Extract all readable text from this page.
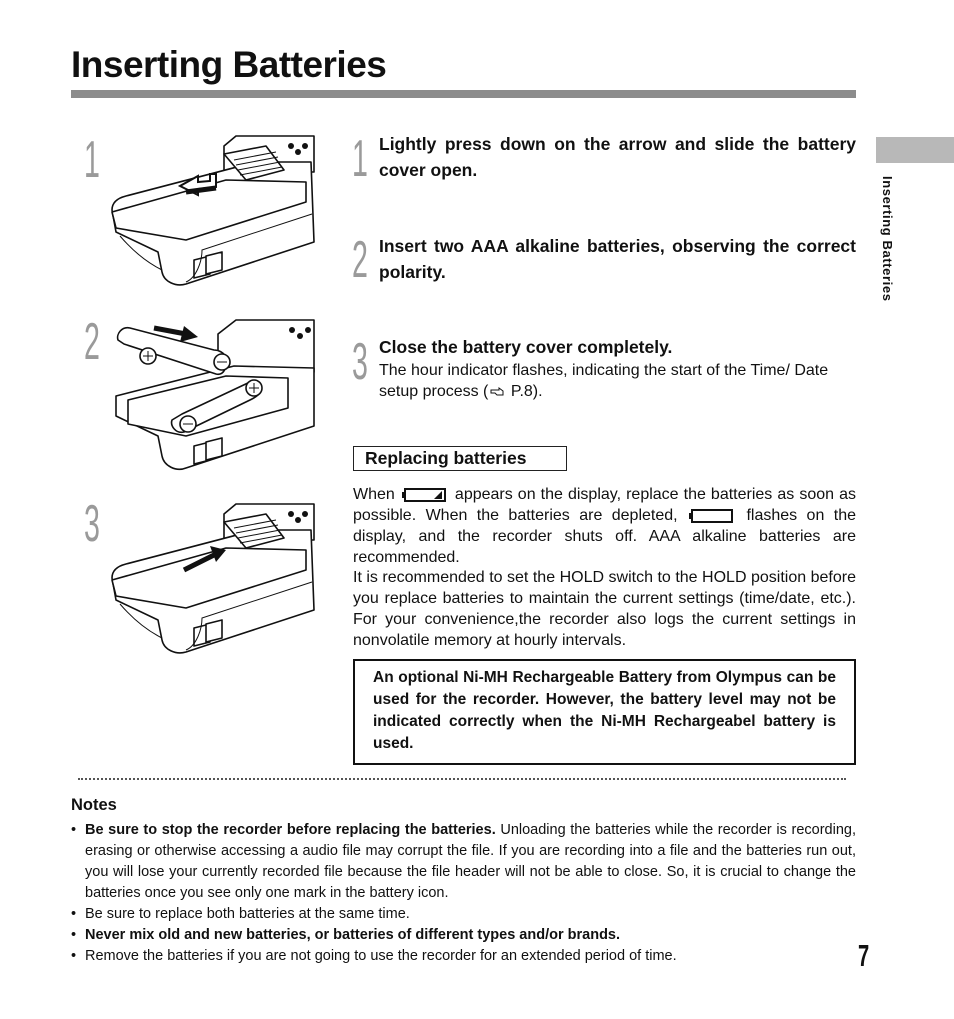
Inserting Batteries
Inserting Batteries
1
2
3
1 Lightly press down on the arrow and slide the battery cover open.
2 Insert two AAA alkaline batteries, observing the correct polarity.
3 Close the battery cover completely.
The hour indicator flashes, indicating the start of the Time/ Date setup process ( P.8).
Replacing batteries
When	appears on the display, replace the batteries as soon as possible. When the batteries are depleted,	flashes on the display, and the recorder shuts off. AAA alkaline batteries are recommended.
It is recommended to set the HOLD switch to the HOLD position before you replace batteries to maintain the current settings (time/date, etc.). For your convenience,the recorder also logs the current settings in nonvolatile memory at hourly intervals.
An optional Ni-MH Rechargeable Battery from Olympus can be used for the recorder. However, the battery level may not be indicated correctly when the Ni-MH Rechargeabel battery is used.
Notes
• Be sure to stop the recorder before replacing the batteries. Unloading the batteries while the recorder is recording, erasing or otherwise accessing a audio file may corrupt the file. If you are recording into a file and the batteries run out, you will lose your currently recorded file because the file header will not be able to close. So, it is crucial to change the batteries once you see only one mark in the battery icon.
• Be sure to replace both batteries at the same time.
• Never mix old and new batteries, or batteries of different types and/or brands.
• Remove the batteries if you are not going to use the recorder for an extended period of time.	7
